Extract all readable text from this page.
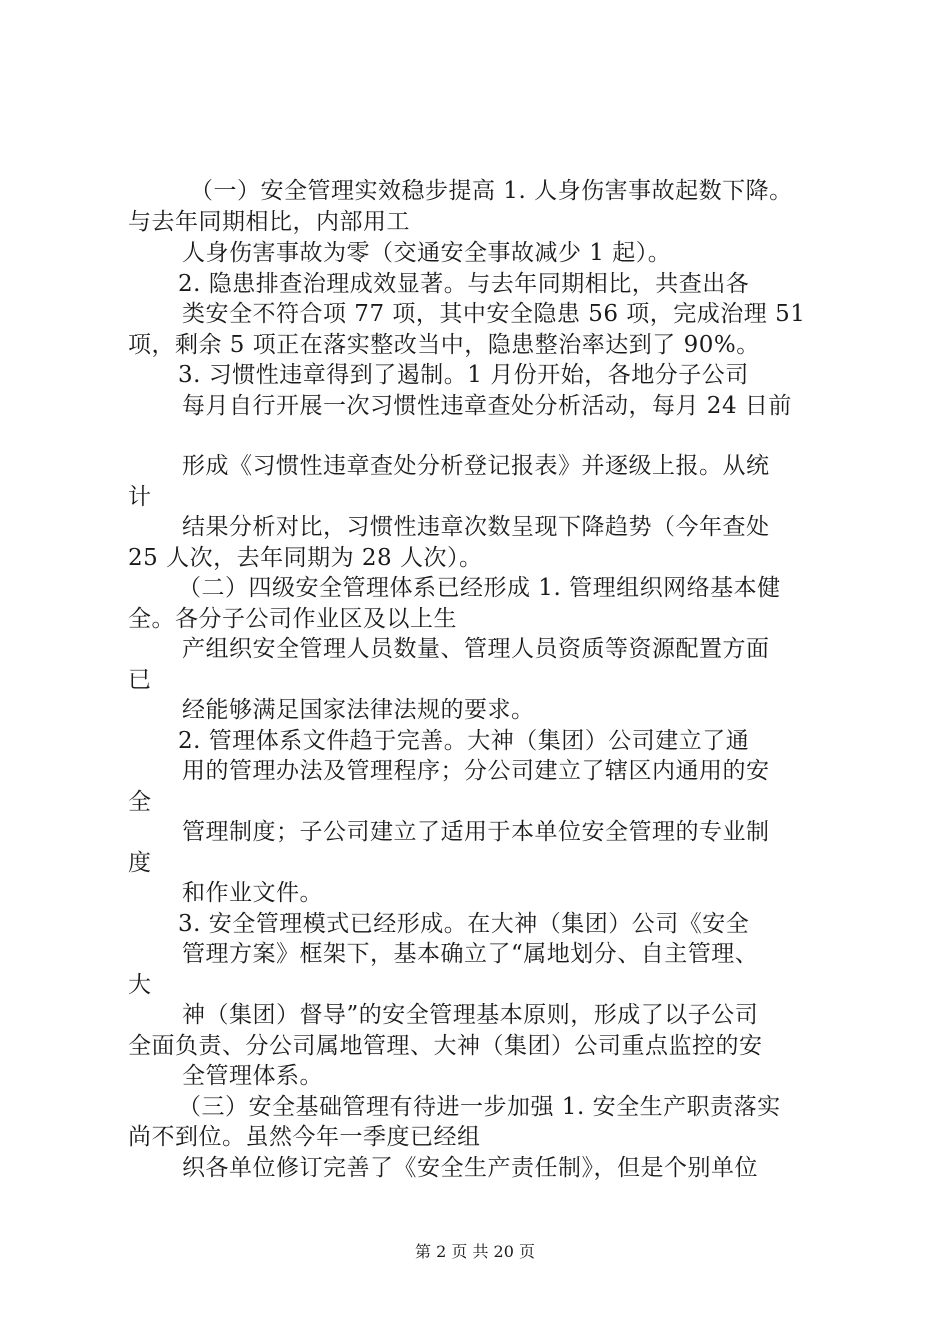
（一）安全管理实效稳步提高 1. 人身伤害事故起数下降。
与去年同期相比，内部用工
人身伤害事故为零（交通安全事故减少 1 起）。
2. 隐患排查治理成效显著。与去年同期相比，共查出各
类安全不符合项 77 项，其中安全隐患 56 项，完成治理 51
项，剩余 5 项正在落实整改当中，隐患整治率达到了 90%。
3. 习惯性违章得到了遏制。1 月份开始，各地分子公司
每月自行开展一次习惯性违章查处分析活动，每月 24 日前
形成《习惯性违章查处分析登记报表》并逐级上报。从统
计
结果分析对比，习惯性违章次数呈现下降趋势（今年查处
25 人次，去年同期为 28 人次）。
（二）四级安全管理体系已经形成 1. 管理组织网络基本健
全。各分子公司作业区及以上生
产组织安全管理人员数量、管理人员资质等资源配置方面
已
经能够满足国家法律法规的要求。
2. 管理体系文件趋于完善。大神（集团）公司建立了通
用的管理办法及管理程序；分公司建立了辖区内通用的安
全
管理制度；子公司建立了适用于本单位安全管理的专业制
度
和作业文件。
3. 安全管理模式已经形成。在大神（集团）公司《安全
管理方案》框架下，基本确立了“属地划分、自主管理、
大
神（集团）督导”的安全管理基本原则，形成了以子公司
全面负责、分公司属地管理、大神（集团）公司重点监控的安
全管理体系。
（三）安全基础管理有待进一步加强 1. 安全生产职责落实
尚不到位。虽然今年一季度已经组
织各单位修订完善了《安全生产责任制》，但是个别单位
第 2 页 共 20 页
